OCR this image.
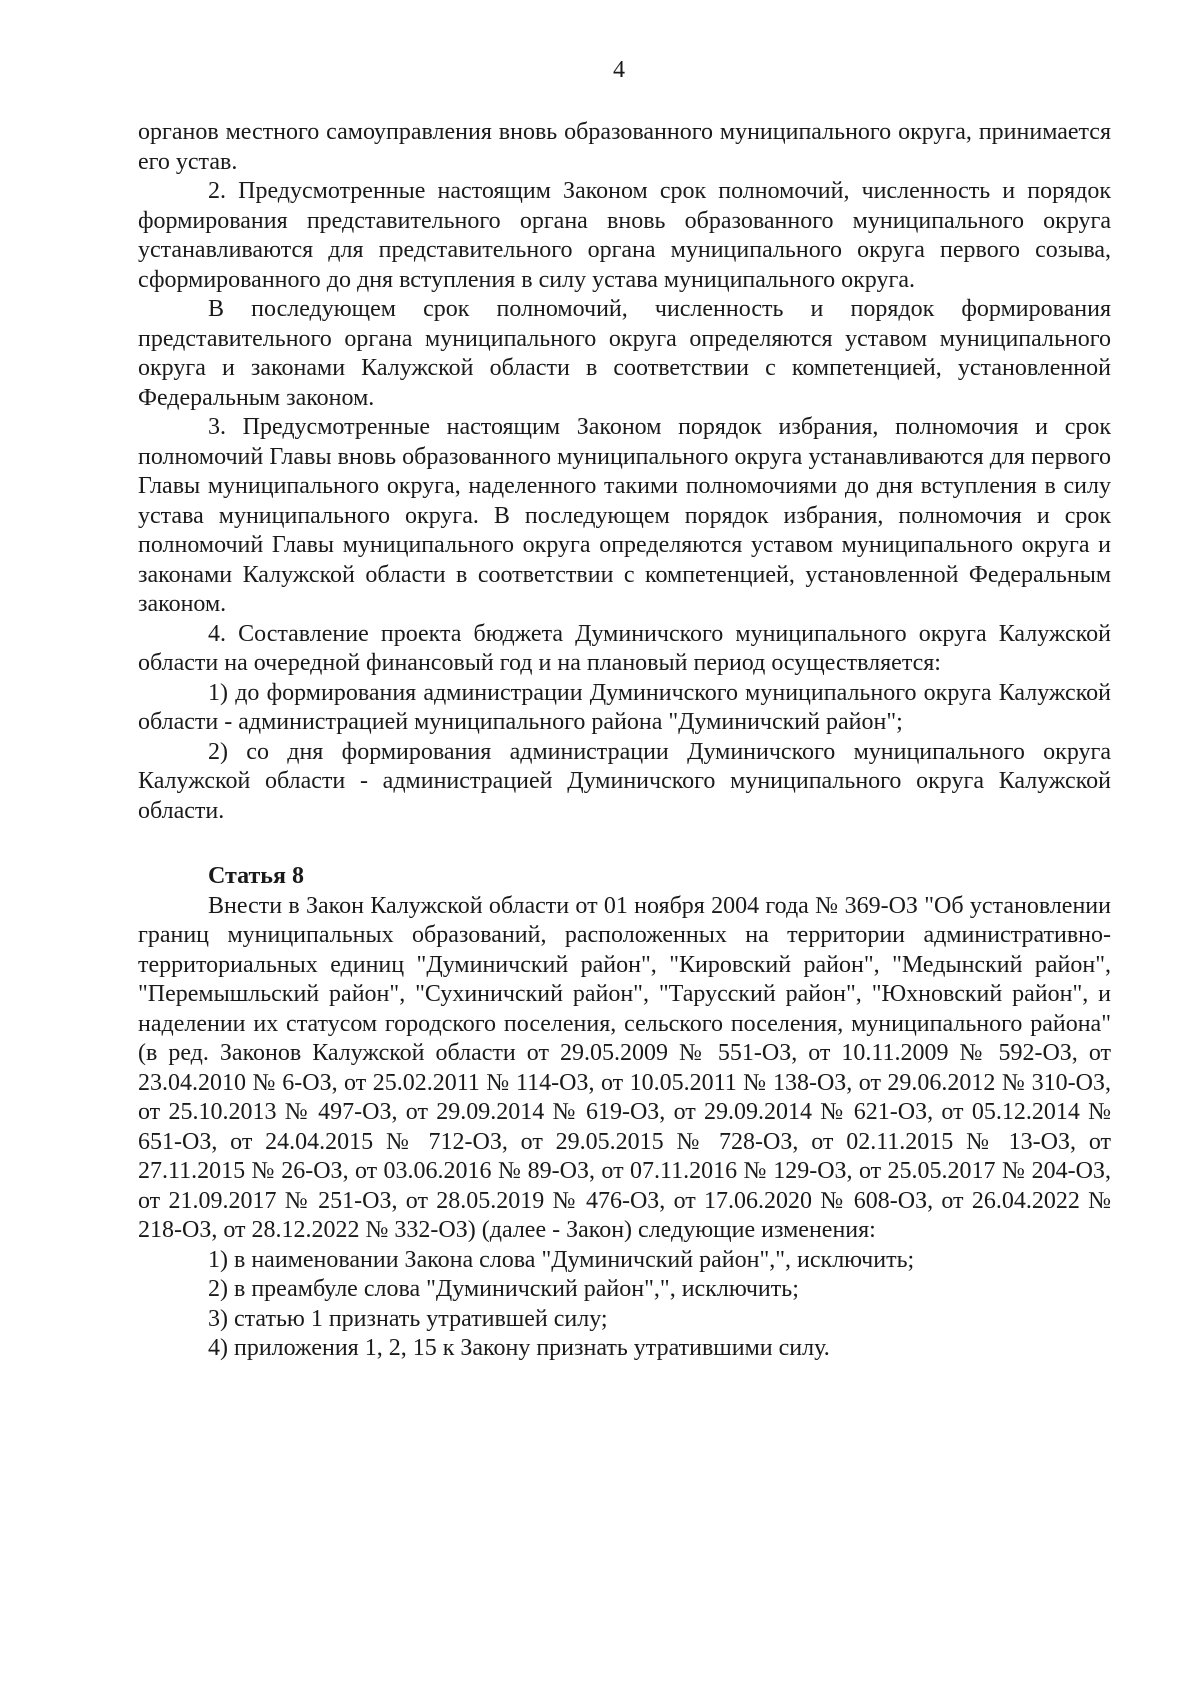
4

органов местного самоуправления вновь образованного муниципального округа, принимается его устав.

2. Предусмотренные настоящим Законом срок полномочий, численность и порядок формирования представительного органа вновь образованного муниципального округа устанавливаются для представительного органа муниципального округа первого созыва, сформированного до дня вступления в силу устава муниципального округа.

В последующем срок полномочий, численность и порядок формирования представительного органа муниципального округа определяются уставом муниципального округа и законами Калужской области в соответствии с компетенцией, установленной Федеральным законом.

3. Предусмотренные настоящим Законом порядок избрания, полномочия и срок полномочий Главы вновь образованного муниципального округа устанавливаются для первого Главы муниципального округа, наделенного такими полномочиями до дня вступления в силу устава муниципального округа. В последующем порядок избрания, полномочия и срок полномочий Главы муниципального округа определяются уставом муниципального округа и законами Калужской области в соответствии с компетенцией, установленной Федеральным законом.

4. Составление проекта бюджета Думиничского муниципального округа Калужской области на очередной финансовый год и на плановый период осуществляется:

1) до формирования администрации Думиничского муниципального округа Калужской области - администрацией муниципального района "Думиничский район";

2) со дня формирования администрации Думиничского муниципального округа Калужской области - администрацией Думиничского муниципального округа Калужской области.

Статья 8

Внести в Закон Калужской области от 01 ноября 2004 года № 369-ОЗ "Об установлении границ муниципальных образований, расположенных на территории административно-территориальных единиц "Думиничский район", "Кировский район", "Медынский район", "Перемышльский район", "Сухиничский район", "Тарусский район", "Юхновский район", и наделении их статусом городского поселения, сельского поселения, муниципального района" (в ред. Законов Калужской области от 29.05.2009 № 551-ОЗ, от 10.11.2009 № 592-ОЗ, от 23.04.2010 № 6-ОЗ, от 25.02.2011 № 114-ОЗ, от 10.05.2011 № 138-ОЗ, от 29.06.2012 № 310-ОЗ, от 25.10.2013 № 497-ОЗ, от 29.09.2014 № 619-ОЗ, от 29.09.2014 № 621-ОЗ, от 05.12.2014 № 651-ОЗ, от 24.04.2015 № 712-ОЗ, от 29.05.2015 № 728-ОЗ, от 02.11.2015 № 13-ОЗ, от 27.11.2015 № 26-ОЗ, от 03.06.2016 № 89-ОЗ, от 07.11.2016 № 129-ОЗ, от 25.05.2017 № 204-ОЗ, от 21.09.2017 № 251-ОЗ, от 28.05.2019 № 476-ОЗ, от 17.06.2020 № 608-ОЗ, от 26.04.2022 № 218-ОЗ, от 28.12.2022 № 332-ОЗ) (далее - Закон) следующие изменения:

1) в наименовании Закона слова "Думиничский район",", исключить;

2) в преамбуле слова "Думиничский район",", исключить;

3) статью 1 признать утратившей силу;

4) приложения 1, 2, 15 к Закону признать утратившими силу.
